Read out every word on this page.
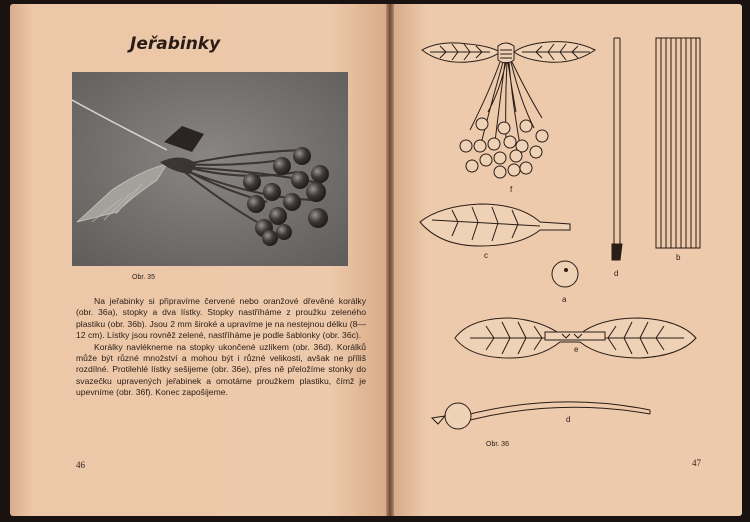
Jeřabinky
Obr. 35

Na jeřabinky si připravíme červené nebo oranžové dřevěné korálky (obr. 36a), stopky a dva lístky. Stopky nastříháme z proužku zeleného plastiku (obr. 36b). Jsou 2 mm široké a upravíme je na nestejnou délku (8—12 cm). Lístky jsou rovněž zelené, nastříháme je podle šablonky (obr. 36c).

Korálky navlékneme na stopky ukončené uzlíkem (obr. 36d). Korálků může být různé množství a mohou být i různé velikosti, avšak ne příliš rozdílné. Protilehlé lístky sešijeme (obr. 36e), přes ně přeložíme stonky do svazečku upravených jeřabinek a omotáme proužkem plastiku, čímž je upevníme (obr. 36f). Konec zapošijeme.

46
f
d
b
c
a
e
d
Obr. 36
47
